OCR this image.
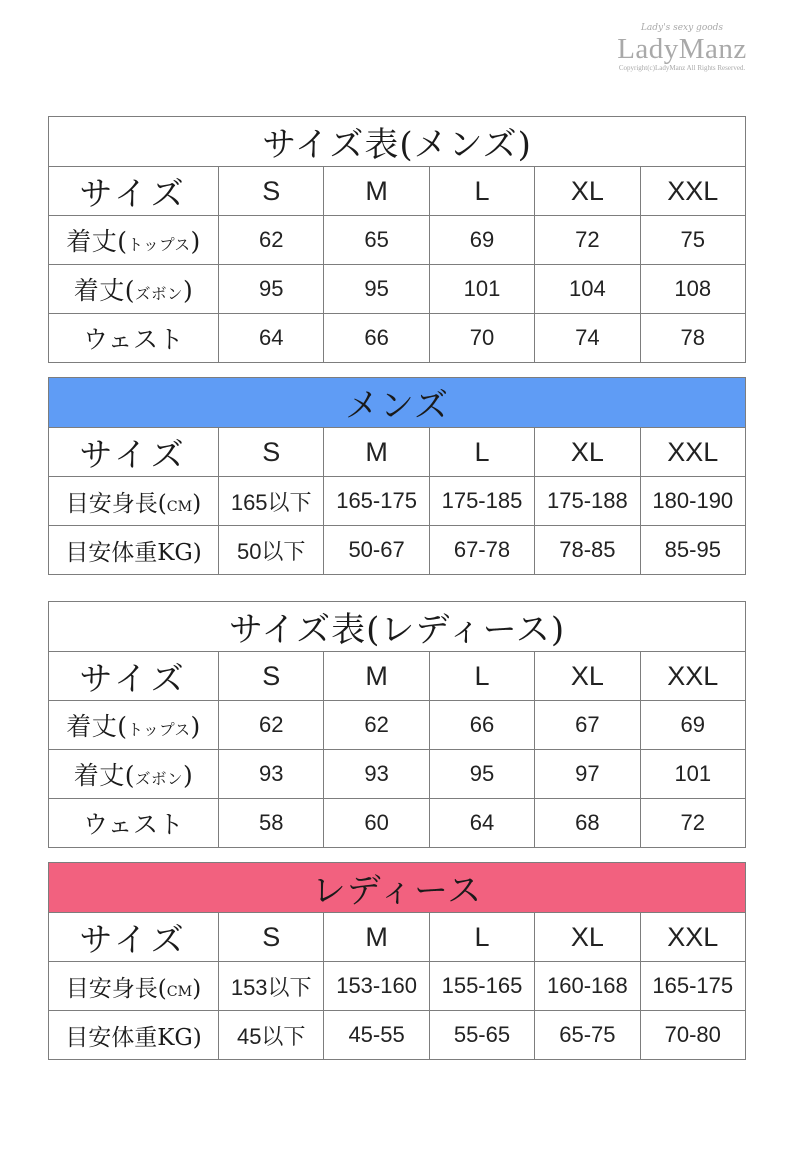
Lady's sexy goods
LadyManz
Copyright(c)LadyManz All Rights Reserved.
サイズ表(メンズ)					
サイズ	S	M	L	XL	XXL
着丈(トップス)	62	65	69	72	75
着丈(ズボン)	95	95	101	104	108
ウェスト	64	66	70	74	78
メンズ					
サイズ	S	M	L	XL	XXL
目安身長(CM)	165以下	165-175	175-185	175-188	180-190
目安体重KG)	50以下	50-67	67-78	78-85	85-95
サイズ表(レディース)					
サイズ	S	M	L	XL	XXL
着丈(トップス)	62	62	66	67	69
着丈(ズボン)	93	93	95	97	101
ウェスト	58	60	64	68	72
レディース					
サイズ	S	M	L	XL	XXL
目安身長(CM)	153以下	153-160	155-165	160-168	165-175
目安体重KG)	45以下	45-55	55-65	65-75	70-80
